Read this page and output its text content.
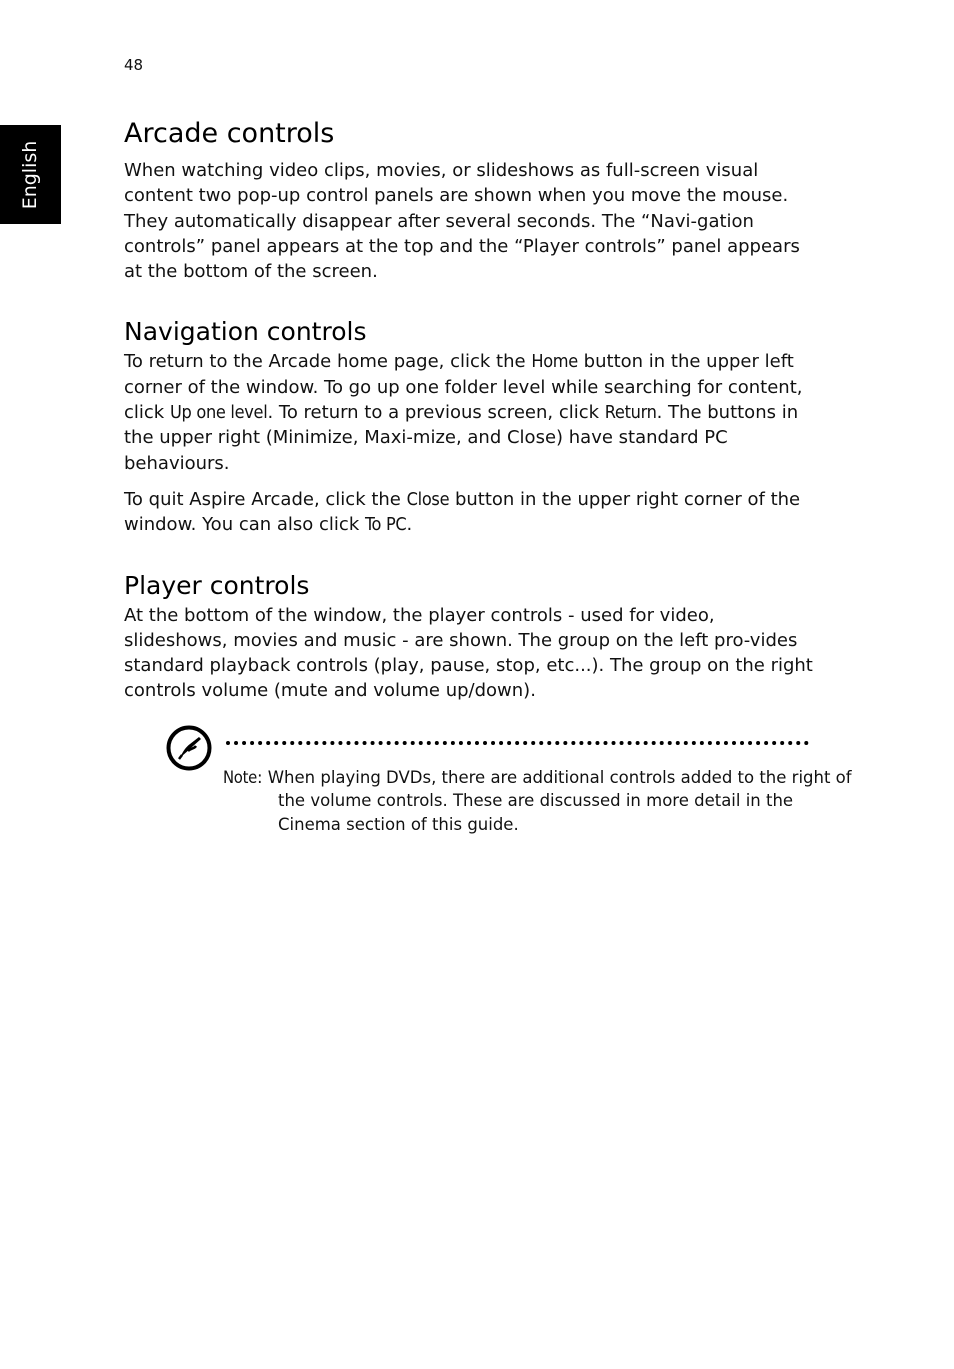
48
English
Arcade controls

When watching video clips, movies, or slideshows as full-screen visual content two pop-up control panels are shown when you move the mouse. They automatically disappear after several seconds. The “Navi-gation controls” panel appears at the top and the “Player controls” panel appears at the bottom of the screen.

Navigation controls

To return to the Arcade home page, click the Home button in the upper left corner of the window. To go up one folder level while searching for content, click Up one level. To return to a previous screen, click Return. The buttons in the upper right (Minimize, Maxi-mize, and Close) have standard PC behaviours.

To quit Aspire Arcade, click the Close button in the upper right corner of the window. You can also click To PC.

Player controls

At the bottom of the window, the player controls - used for video, slideshows, movies and music - are shown. The group on the left pro-vides standard playback controls (play, pause, stop, etc...). The group on the right controls volume (mute and volume up/down).

Note: When playing DVDs, there are additional controls added to the right of the volume controls. These are discussed in more detail in the Cinema section of this guide.
